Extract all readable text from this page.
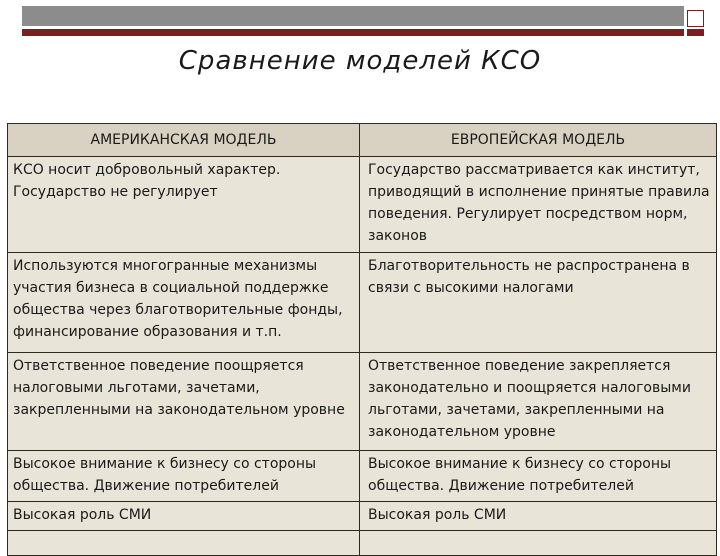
Сравнение моделей КСО
АМЕРИКАНСКАЯ МОДЕЛЬ	ЕВРОПЕЙСКАЯ МОДЕЛЬ
КСО носит добровольный характер. Государство не регулирует	Государство рассматривается как институт, приводящий в исполнение принятые правила поведения. Регулирует посредством норм, законов
Используются многогранные механизмы участия бизнеса в социальной поддержке общества через благотворительные фонды, финансирование образования и т.п.	Благотворительность не распространена в связи с высокими налогами
Ответственное поведение поощряется налоговыми льготами, зачетами, закрепленными на законодательном уровне	Ответственное поведение закрепляется законодательно и поощряется налоговыми льготами, зачетами, закрепленными на законодательном уровне
Высокое внимание к бизнесу со стороны общества. Движение потребителей	Высокое внимание к бизнесу со стороны общества. Движение потребителей
Высокая роль СМИ	Высокая роль СМИ
